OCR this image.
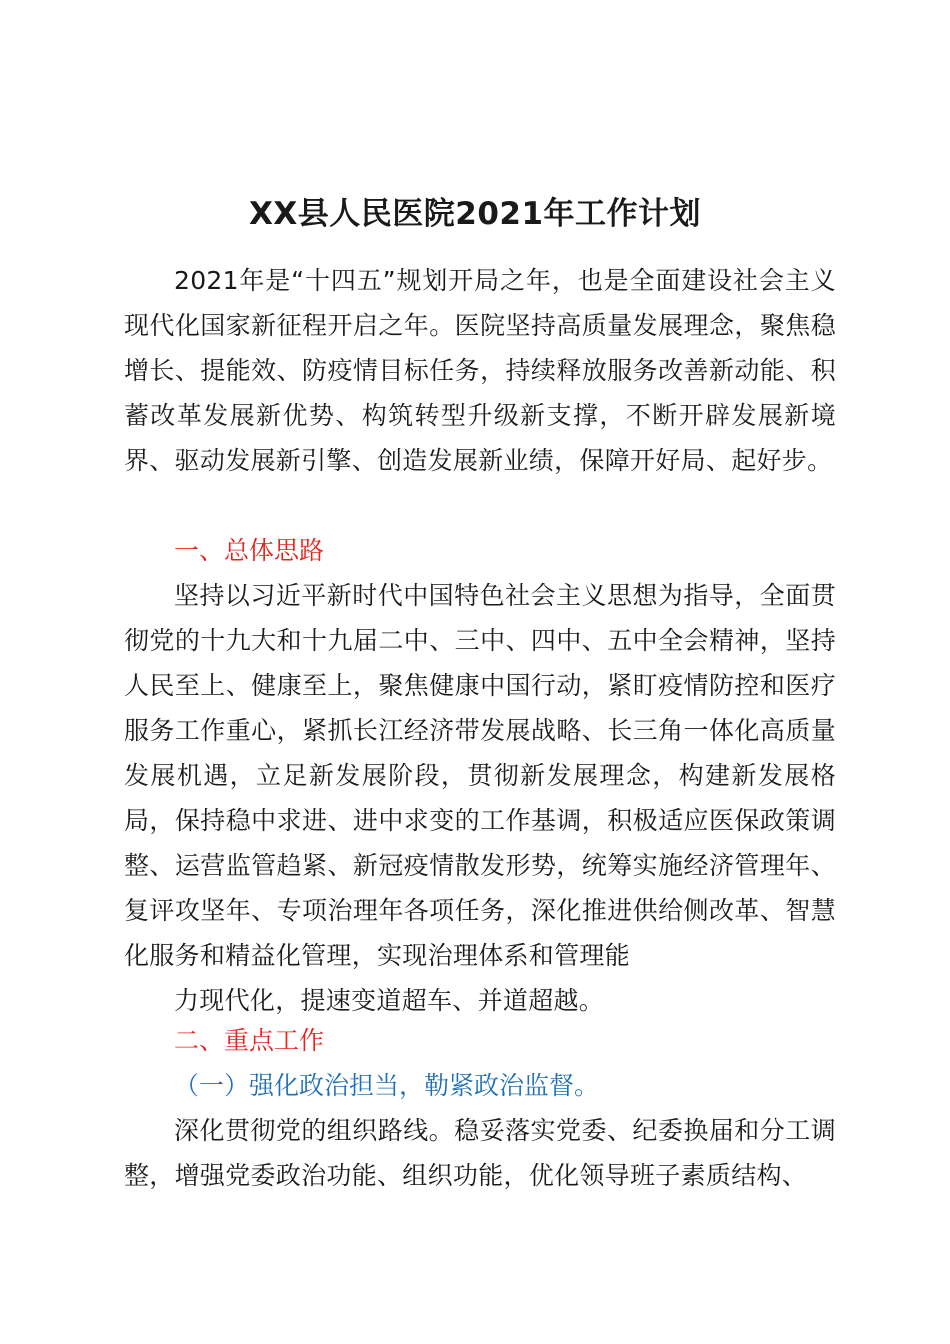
XX县人民医院2021年工作计划

2021年是“十四五”规划开局之年，也是全面建设社会主义现代化国家新征程开启之年。医院坚持高质量发展理念，聚焦稳增长、提能效、防疫情目标任务，持续释放服务改善新动能、积蓄改革发展新优势、构筑转型升级新支撑，不断开辟发展新境界、驱动发展新引擎、创造发展新业绩，保障开好局、起好步。

一、总体思路

坚持以习近平新时代中国特色社会主义思想为指导，全面贯彻党的十九大和十九届二中、三中、四中、五中全会精神，坚持人民至上、健康至上，聚焦健康中国行动，紧盯疫情防控和医疗服务工作重心，紧抓长江经济带发展战略、长三角一体化高质量发展机遇，立足新发展阶段，贯彻新发展理念，构建新发展格局，保持稳中求进、进中求变的工作基调，积极适应医保政策调整、运营监管趋紧、新冠疫情散发形势，统筹实施经济管理年、复评攻坚年、专项治理年各项任务，深化推进供给侧改革、智慧化服务和精益化管理，实现治理体系和管理能

力现代化，提速变道超车、并道超越。

二、重点工作

（一）强化政治担当，勒紧政治监督。

深化贯彻党的组织路线。稳妥落实党委、纪委换届和分工调整，增强党委政治功能、组织功能，优化领导班子素质结构、
